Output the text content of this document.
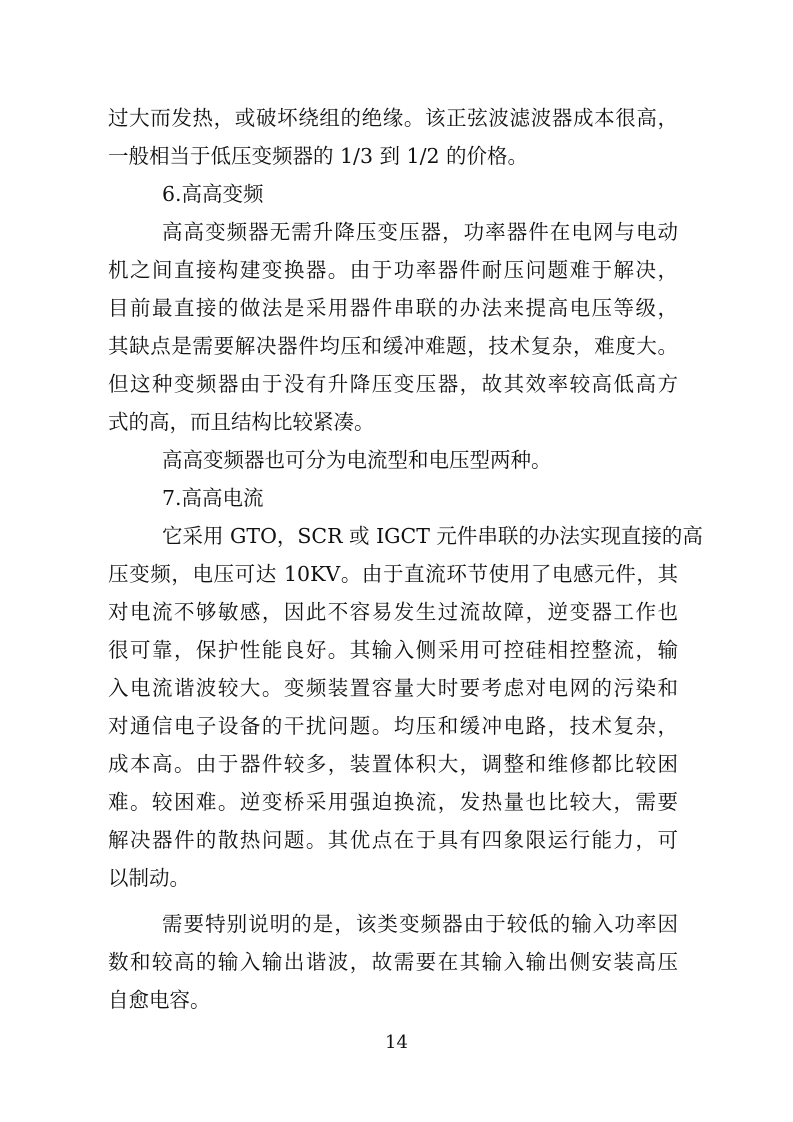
过大而发热，或破坏绕组的绝缘。该正弦波滤波器成本很高，
一般相当于低压变频器的 1/3 到 1/2 的价格。
6.高高变频
高高变频器无需升降压变压器，功率器件在电网与电动
机之间直接构建变换器。由于功率器件耐压问题难于解决，
目前最直接的做法是采用器件串联的办法来提高电压等级，
其缺点是需要解决器件均压和缓冲难题，技术复杂，难度大。
但这种变频器由于没有升降压变压器，故其效率较高低高方
式的高，而且结构比较紧凑。
高高变频器也可分为电流型和电压型两种。
7.高高电流
它采用 GTO，SCR 或 IGCT 元件串联的办法实现直接的高
压变频，电压可达 10KV。由于直流环节使用了电感元件，其
对电流不够敏感，因此不容易发生过流故障，逆变器工作也
很可靠，保护性能良好。其输入侧采用可控硅相控整流，输
入电流谐波较大。变频装置容量大时要考虑对电网的污染和
对通信电子设备的干扰问题。均压和缓冲电路，技术复杂，
成本高。由于器件较多，装置体积大，调整和维修都比较困
难。较困难。逆变桥采用强迫换流，发热量也比较大，需要
解决器件的散热问题。其优点在于具有四象限运行能力，可
以制动。
需要特别说明的是，该类变频器由于较低的输入功率因
数和较高的输入输出谐波，故需要在其输入输出侧安装高压
自愈电容。
14
